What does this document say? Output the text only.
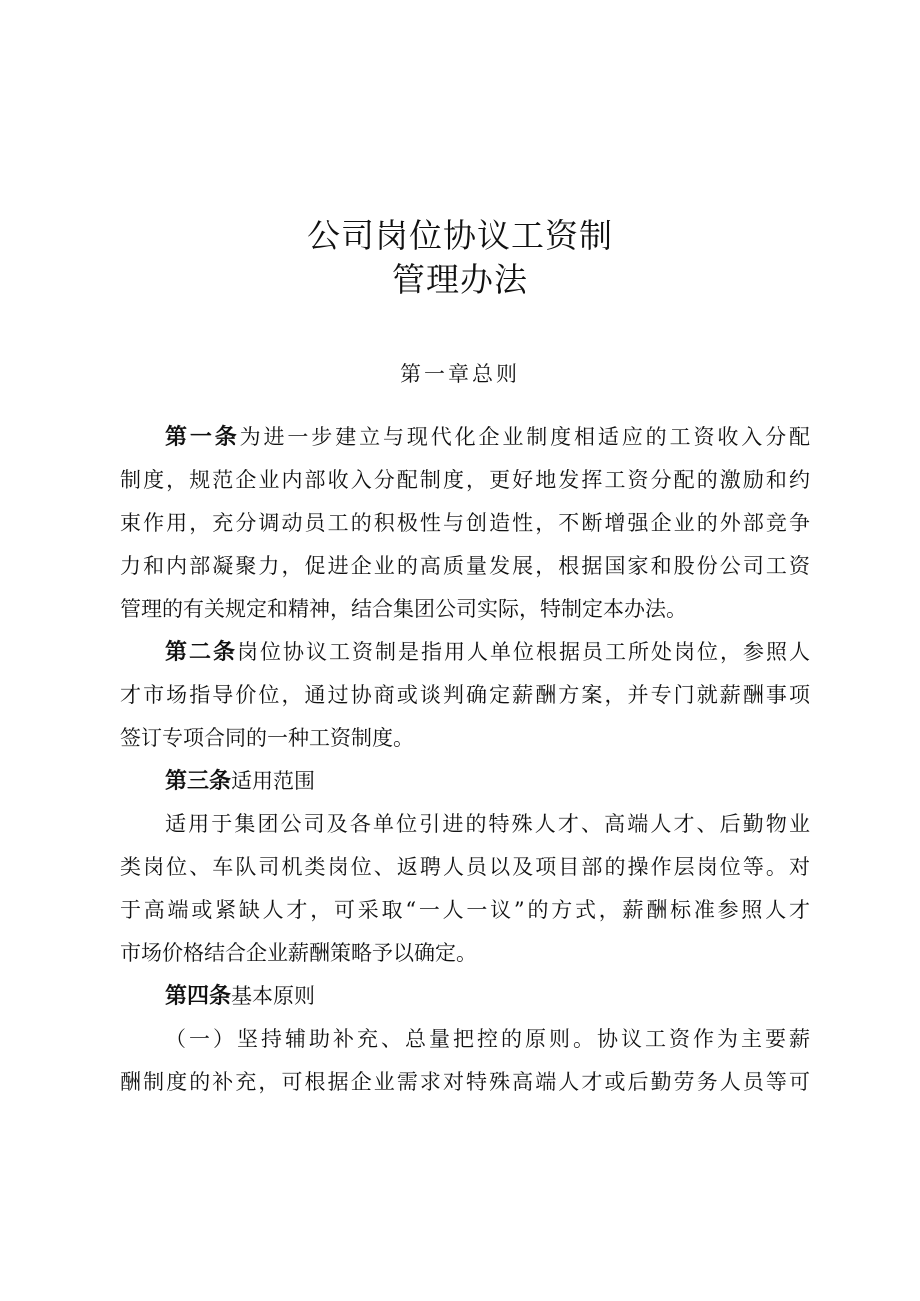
公司岗位协议工资制
管理办法
第一章总则
第一条为进一步建立与现代化企业制度相适应的工资收入分配
制度，规范企业内部收入分配制度，更好地发挥工资分配的激励和约
束作用，充分调动员工的积极性与创造性，不断增强企业的外部竞争
力和内部凝聚力，促进企业的高质量发展，根据国家和股份公司工资
管理的有关规定和精神，结合集团公司实际，特制定本办法。
第二条岗位协议工资制是指用人单位根据员工所处岗位，参照人
才市场指导价位，通过协商或谈判确定薪酬方案，并专门就薪酬事项
签订专项合同的一种工资制度。
第三条适用范围
适用于集团公司及各单位引进的特殊人才、高端人才、后勤物业
类岗位、车队司机类岗位、返聘人员以及项目部的操作层岗位等。对
于高端或紧缺人才，可采取“一人一议”的方式，薪酬标准参照人才
市场价格结合企业薪酬策略予以确定。
第四条基本原则
（一）坚持辅助补充、总量把控的原则。协议工资作为主要薪
酬制度的补充，可根据企业需求对特殊高端人才或后勤劳务人员等可
